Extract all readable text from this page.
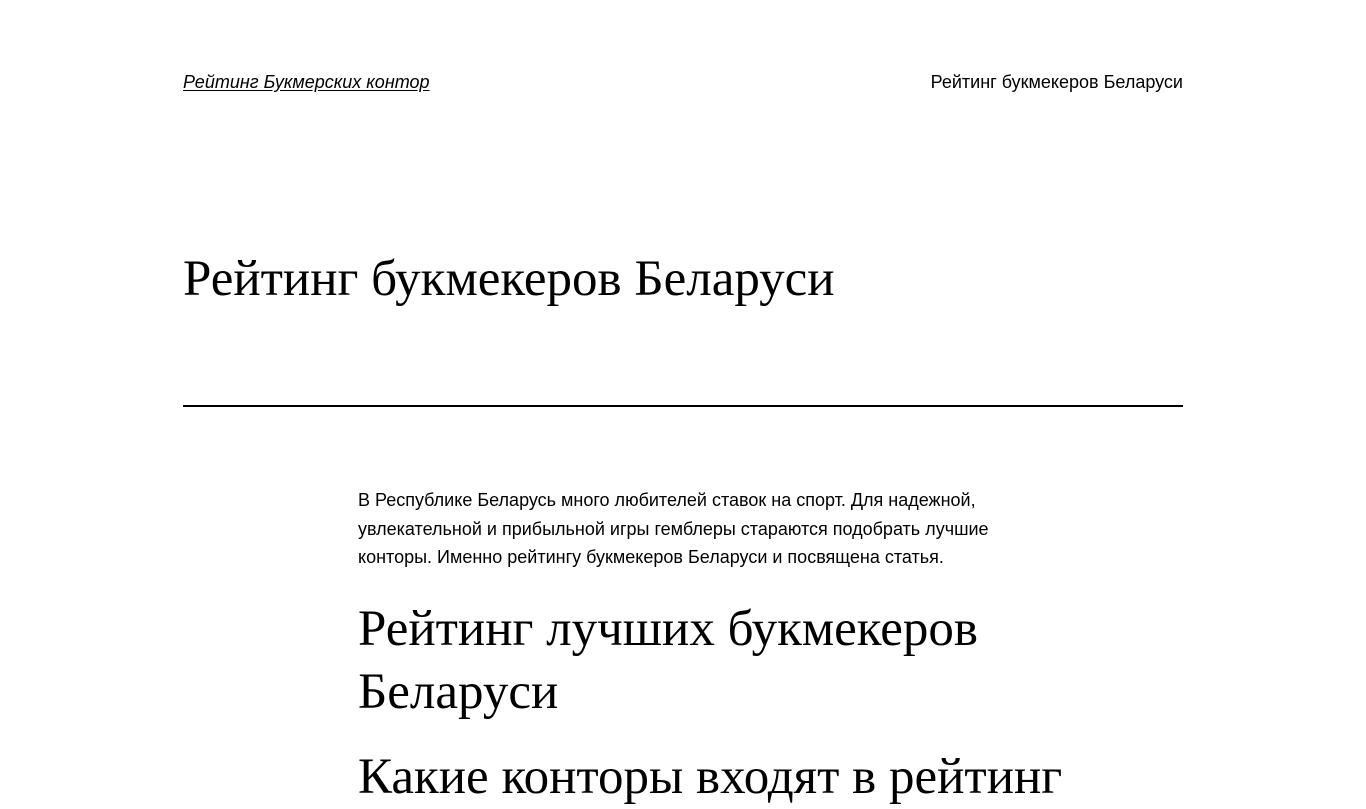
Рейтинг Букмерских контор	Рейтинг букмекеров Беларуси
Рейтинг букмекеров Беларуси

В Республике Беларусь много любителей ставок на спорт. Для надежной, увлекательной и прибыльной игры гемблеры стараются подобрать лучшие конторы. Именно рейтингу букмекеров Беларуси и посвящена статья.

Рейтинг лучших букмекеров Беларуси
Какие конторы входят в рейтинг
